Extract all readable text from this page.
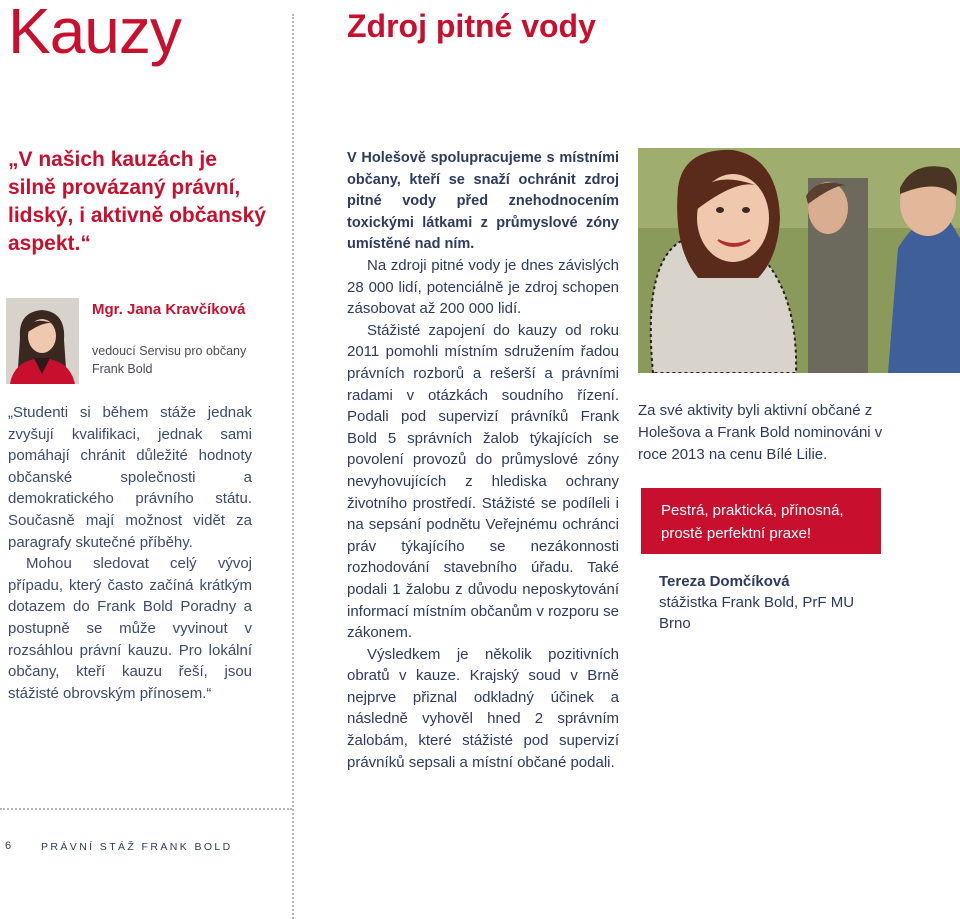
Kauzy	Zdroj pitné vody
„V našich kauzách je silně provázaný právní, lidský, i aktivně občanský aspekt.“
Mgr. Jana Kravčíková
vedoucí Servisu pro občany Frank Bold

„Studenti si během stáže jednak zvyšují kvalifikaci, jednak sami pomáhají chránit důležité hodnoty občanské společnosti a demokratického právního státu. Současně mají možnost vidět za paragrafy skutečné příběhy.

Mohou sledovat celý vývoj případu, který často začíná krátkým dotazem do Frank Bold Poradny a postupně se může vyvinout v rozsáhlou právní kauzu. Pro lokální občany, kteří kauzu řeší, jsou stážisté obrovským přínosem.“

V Holešově spolupracujeme s místními občany, kteří se snaží ochránit zdroj pitné vody před znehodnocením toxickými látkami z průmyslové zóny umístěné nad ním.

Na zdroji pitné vody je dnes závislých 28 000 lidí, potenciálně je zdroj schopen zásobovat až 200 000 lidí.

Stážisté zapojení do kauzy od roku 2011 pomohli místním sdružením řadou právních rozborů a rešerší a právními radami v otázkách soudního řízení. Podali pod supervizí právníků Frank Bold 5 správních žalob týkajících se povolení provozů do průmyslové zóny nevyhovujících z hlediska ochrany životního prostředí. Stážisté se podíleli i na sepsání podnětu Veřejnému ochránci práv týkajícího se nezákonnosti rozhodování stavebního úřadu. Také podali 1 žalobu z důvodu neposkytování informací místním občanům v rozporu se zákonem.

Výsledkem je několik pozitivních obratů v kauze. Krajský soud v Brně nejprve přiznal odkladný účinek a následně vyhověl hned 2 správním žalobám, které stážisté pod supervizí právníků sepsali a místní občané podali.

Za své aktivity byli aktivní občané z Holešova a Frank Bold nominováni v roce 2013 na cenu Bílé Lilie.
Pestrá, praktická, přínosná, prostě perfektní praxe!
Tereza Domčíková
stážistka Frank Bold, PrF MU Brno
6	PRÁVNÍ STÁŽ FRANK BOLD
